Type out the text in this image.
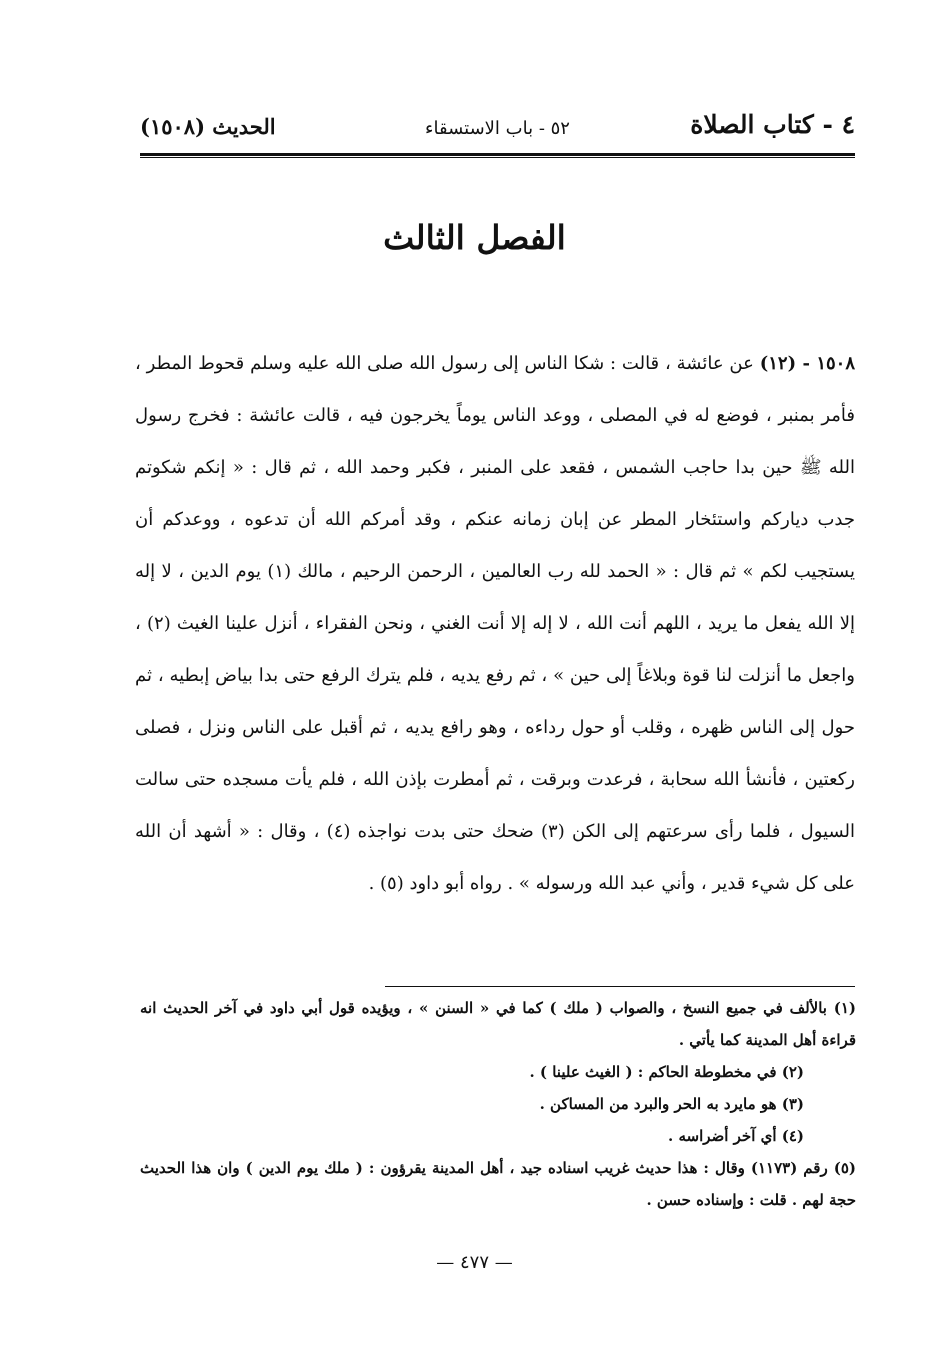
٤ - كتاب الصلاة
٥٢ - باب الاستسقاء
الحديث (١٥٠٨)
الفصل الثالث
١٥٠٨ - (١٢) عن عائشة ، قالت : شكا الناس إلى رسول الله صلى الله عليه وسلم قحوط المطر ، فأمر بمنبر ، فوضع له في المصلى ، ووعد الناس يوماً يخرجون فيه ، قالت عائشة : فخرج رسول الله ﷺ حين بدا حاجب الشمس ، فقعد على المنبر ، فكبر وحمد الله ، ثم قال : « إنكم شكوتم جدب دياركم واستئخار المطر عن إبان زمانه عنكم ، وقد أمركم الله أن تدعوه ، ووعدكم أن يستجيب لكم » ثم قال : « الحمد لله رب العالمين ، الرحمن الرحيم ، مالك (١) يوم الدين ، لا إله إلا الله يفعل ما يريد ، اللهم أنت الله ، لا إله إلا أنت الغني ، ونحن الفقراء ، أنزل علينا الغيث (٢) ، واجعل ما أنزلت لنا قوة وبلاغاً إلى حين » ، ثم رفع يديه ، فلم يترك الرفع حتى بدا بياض إبطيه ، ثم حول إلى الناس ظهره ، وقلب أو حول رداءه ، وهو رافع يديه ، ثم أقبل على الناس ونزل ، فصلى ركعتين ، فأنشأ الله سحابة ، فرعدت وبرقت ، ثم أمطرت بإذن الله ، فلم يأت مسجده حتى سالت السيول ، فلما رأى سرعتهم إلى الكن (٣) ضحك حتى بدت نواجذه (٤) ، وقال : « أشهد أن الله على كل شيء قدير ، وأني عبد الله ورسوله » . رواه أبو داود (٥) .
(١) بالألف في جميع النسخ ، والصواب ( ملك ) كما في « السنن » ، ويؤيده قول أبي داود في آخر الحديث انه قراءة أهل المدينة كما يأتي .
(٢) في مخطوطة الحاكم : ( الغيث علينا ) .
(٣) هو مايرد به الحر والبرد من المساكن .
(٤) أي آخر أضراسه .
(٥) رقم (١١٧٣) وقال : هذا حديث غريب اسناده جيد ، أهل المدينة يقرؤون : ( ملك يوم الدين ) وان هذا الحديث حجة لهم . قلت : وإسناده حسن .
— ٤٧٧ —
